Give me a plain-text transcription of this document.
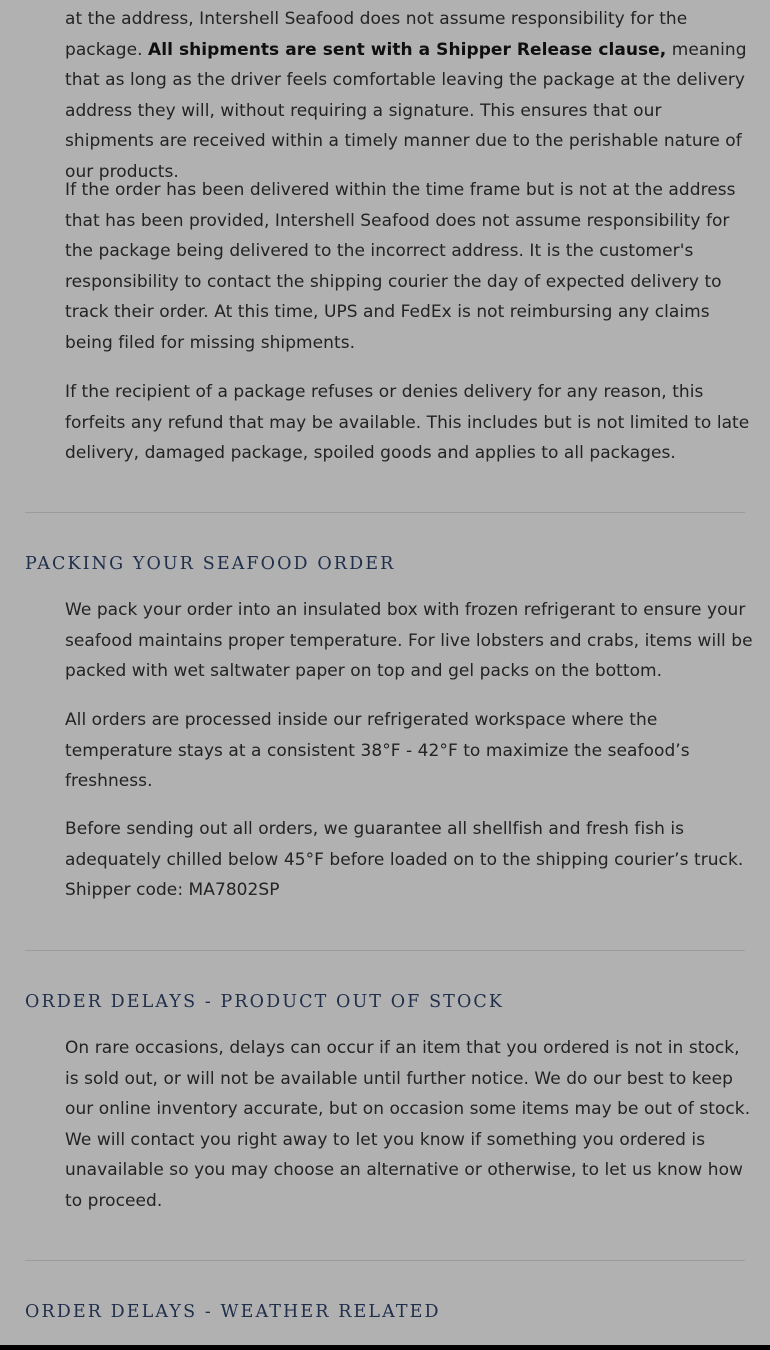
at the address, Intershell Seafood does not assume responsibility for the package. All shipments are sent with a Shipper Release clause, meaning that as long as the driver feels comfortable leaving the package at the delivery address they will, without requiring a signature. This ensures that our shipments are received within a timely manner due to the perishable nature of our products.

If the order has been delivered within the time frame but is not at the address that has been provided, Intershell Seafood does not assume responsibility for the package being delivered to the incorrect address. It is the customer's responsibility to contact the shipping courier the day of expected delivery to track their order. At this time, UPS and FedEx is not reimbursing any claims being filed for missing shipments.

If the recipient of a package refuses or denies delivery for any reason, this forfeits any refund that may be available. This includes but is not limited to late delivery, damaged package, spoiled goods and applies to all packages.

PACKING YOUR SEAFOOD ORDER

We pack your order into an insulated box with frozen refrigerant to ensure your seafood maintains proper temperature. For live lobsters and crabs, items will be packed with wet saltwater paper on top and gel packs on the bottom.

All orders are processed inside our refrigerated workspace where the temperature stays at a consistent 38°F - 42°F to maximize the seafood’s freshness.

Before sending out all orders, we guarantee all shellfish and fresh fish is adequately chilled below 45°F before loaded on to the shipping courier’s truck. Shipper code: MA7802SP

ORDER DELAYS - PRODUCT OUT OF STOCK

On rare occasions, delays can occur if an item that you ordered is not in stock, is sold out, or will not be available until further notice. We do our best to keep our online inventory accurate, but on occasion some items may be out of stock. We will contact you right away to let you know if something you ordered is unavailable so you may choose an alternative or otherwise, to let us know how to proceed.

ORDER DELAYS - WEATHER RELATED
